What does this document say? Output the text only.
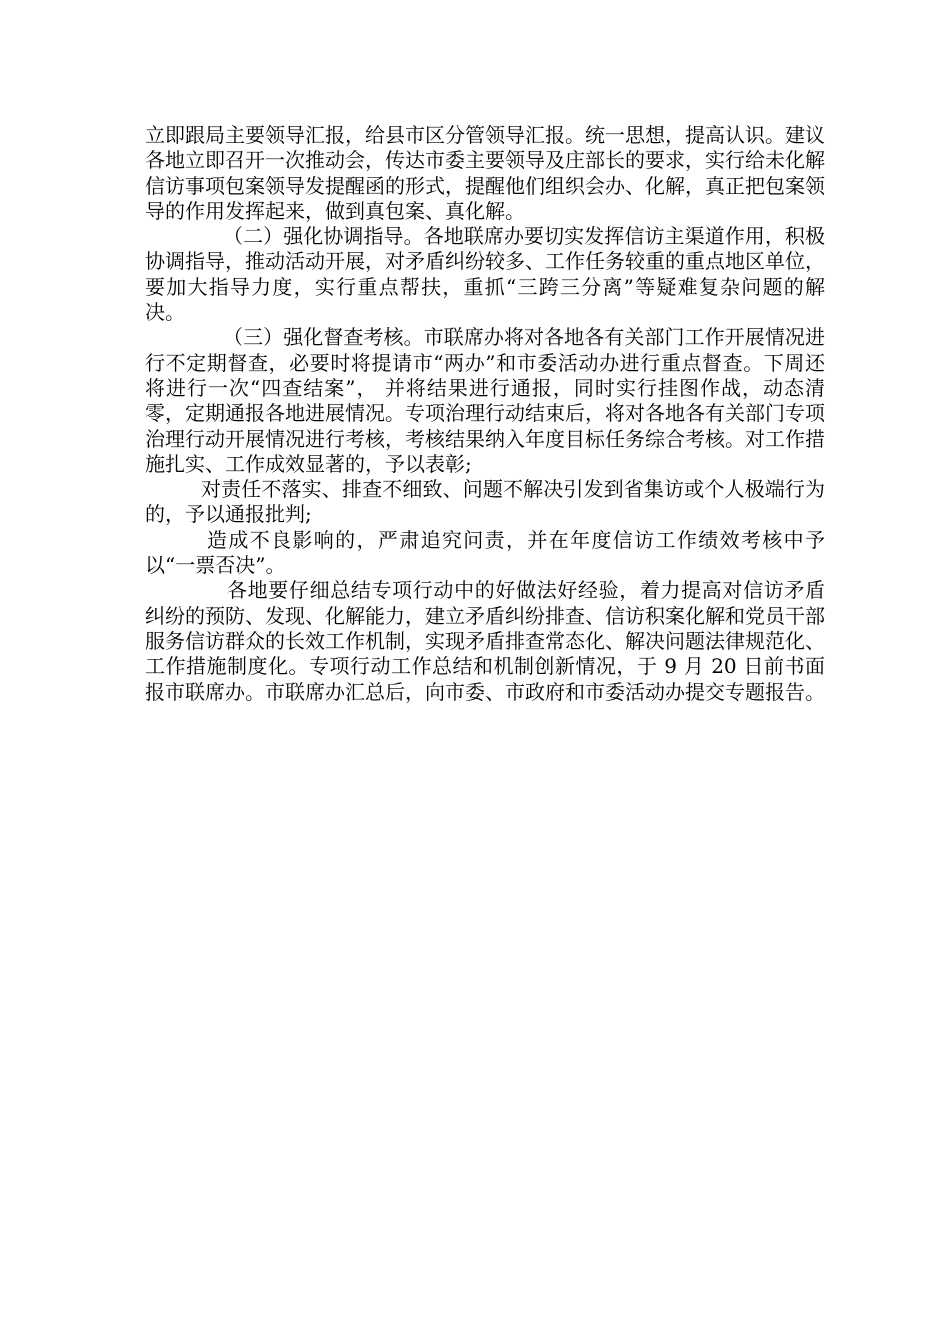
立即跟局主要领导汇报，给县市区分管领导汇报。统一思想，提高认识。建议各地立即召开一次推动会，传达市委主要领导及庄部长的要求，实行给未化解信访事项包案领导发提醒函的形式，提醒他们组织会办、化解，真正把包案领导的作用发挥起来，做到真包案、真化解。

（二）强化协调指导。各地联席办要切实发挥信访主渠道作用，积极协调指导，推动活动开展，对矛盾纠纷较多、工作任务较重的重点地区单位，要加大指导力度，实行重点帮扶，重抓“三跨三分离”等疑难复杂问题的解决。

（三）强化督查考核。市联席办将对各地各有关部门工作开展情况进行不定期督查，必要时将提请市“两办”和市委活动办进行重点督查。下周还将进行一次“四查结案”， 并将结果进行通报，同时实行挂图作战，动态清零，定期通报各地进展情况。专项治理行动结束后，将对各地各有关部门专项治理行动开展情况进行考核，考核结果纳入年度目标任务综合考核。对工作措施扎实、工作成效显著的，予以表彰;

对责任不落实、排查不细致、问题不解决引发到省集访或个人极端行为的，予以通报批判;

造成不良影响的，严肃追究问责，并在年度信访工作绩效考核中予以“一票否决”。

各地要仔细总结专项行动中的好做法好经验，着力提高对信访矛盾纠纷的预防、发现、化解能力，建立矛盾纠纷排查、信访积案化解和党员干部服务信访群众的长效工作机制，实现矛盾排查常态化、解决问题法律规范化、工作措施制度化。专项行动工作总结和机制创新情况，于 9 月 20 日前书面报市联席办。市联席办汇总后，向市委、市政府和市委活动办提交专题报告。
